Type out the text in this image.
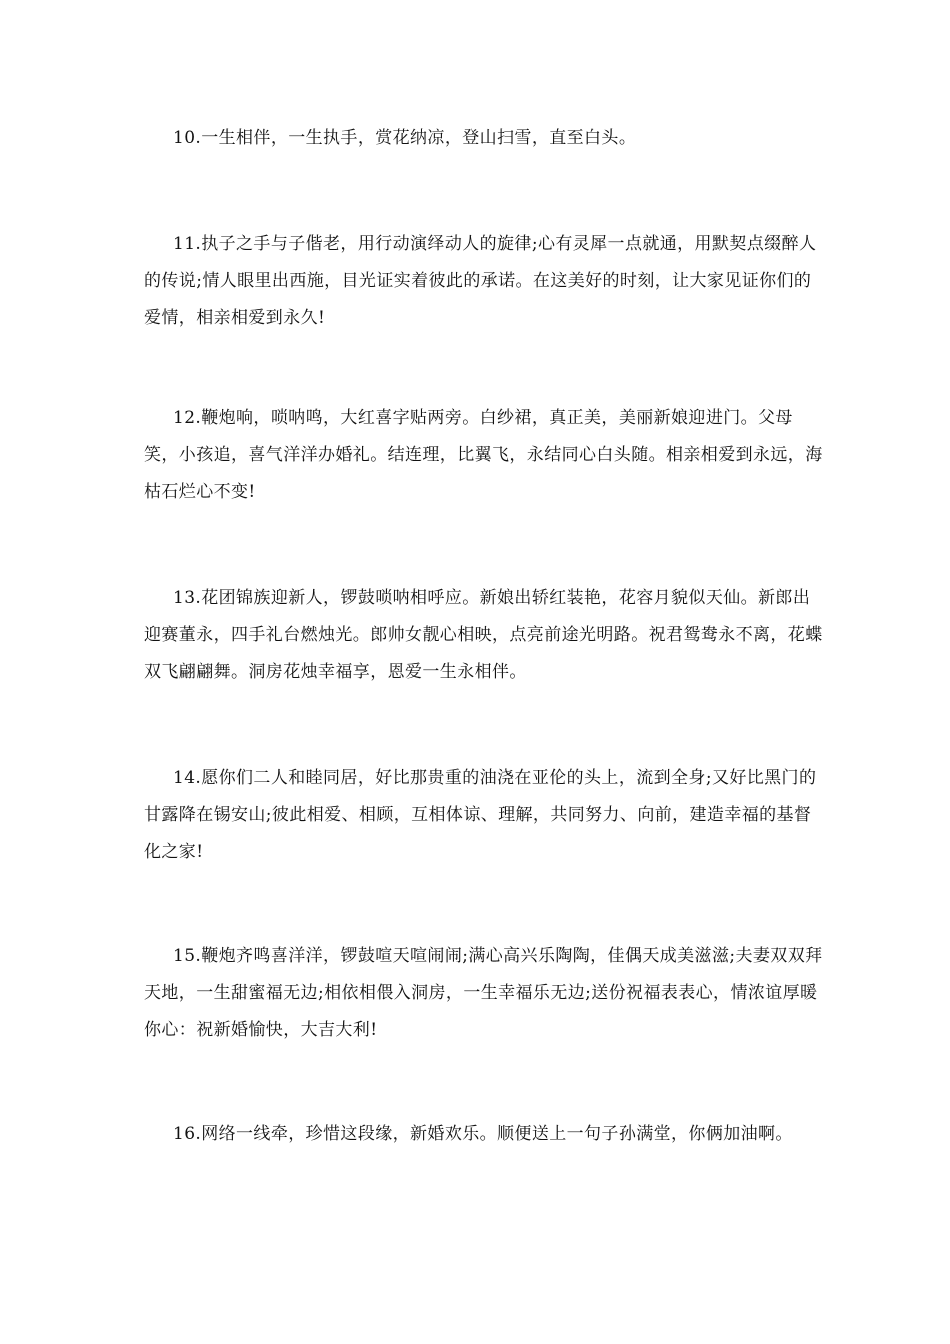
10.一生相伴，一生执手，赏花纳凉，登山扫雪，直至白头。

11.执子之手与子偕老，用行动演绎动人的旋律;心有灵犀一点就通，用默契点缀醉人的传说;情人眼里出西施，目光证实着彼此的承诺。在这美好的时刻，让大家见证你们的爱情，相亲相爱到永久!

12.鞭炮响，唢呐鸣，大红喜字贴两旁。白纱裙，真正美，美丽新娘迎进门。父母笑，小孩追，喜气洋洋办婚礼。结连理，比翼飞，永结同心白头随。相亲相爱到永远，海枯石烂心不变!

13.花团锦族迎新人，锣鼓唢呐相呼应。新娘出轿红装艳，花容月貌似天仙。新郎出迎赛董永，四手礼台燃烛光。郎帅女靓心相映，点亮前途光明路。祝君鸳鸯永不离，花蝶双飞翩翩舞。洞房花烛幸福享，恩爱一生永相伴。

14.愿你们二人和睦同居，好比那贵重的油浇在亚伦的头上，流到全身;又好比黑门的甘露降在锡安山;彼此相爱、相顾，互相体谅、理解，共同努力、向前，建造幸福的基督化之家!

15.鞭炮齐鸣喜洋洋，锣鼓喧天喧闹闹;满心高兴乐陶陶，佳偶天成美滋滋;夫妻双双拜天地，一生甜蜜福无边;相依相偎入洞房，一生幸福乐无边;送份祝福表表心，情浓谊厚暖你心：祝新婚愉快，大吉大利!

16.网络一线牵，珍惜这段缘，新婚欢乐。顺便送上一句子孙满堂，你俩加油啊。
